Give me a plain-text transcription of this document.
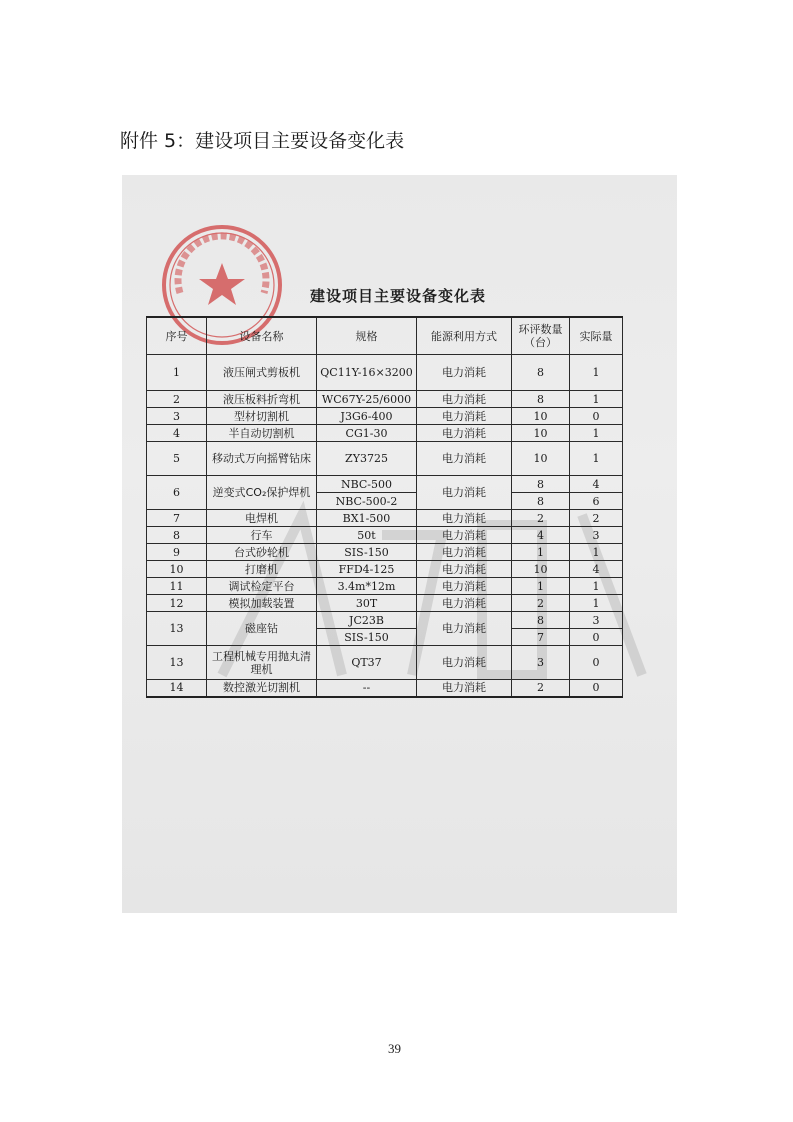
附件 5：建设项目主要设备变化表
建设项目主要设备变化表
序号	设备名称	规格	能源利用方式	环评数量（台）	实际量
1	液压闸式剪板机	QC11Y-16×3200	电力消耗	8	1
2	液压板料折弯机	WC67Y-25/6000	电力消耗	8	1
3	型材切割机	J3G6-400	电力消耗	10	0
4	半自动切割机	CG1-30	电力消耗	10	1
5	移动式万向摇臂钻床	ZY3725	电力消耗	10	1
6	逆变式CO₂保护焊机	NBC-500	电力消耗	8	4
		NBC-500-2		8	6
7	电焊机	BX1-500	电力消耗	2	2
8	行车	50t	电力消耗	4	3
9	台式砂轮机	SIS-150	电力消耗	1	1
10	打磨机	FFD4-125	电力消耗	10	4
11	调试检定平台	3.4m*12m	电力消耗	1	1
12	模拟加载装置	30T	电力消耗	2	1
13	磁座钻	JC23B	电力消耗	8	3
		SIS-150		7	0
13	工程机械专用抛丸清理机	QT37	电力消耗	3	0
14	数控激光切割机	--	电力消耗	2	0
39
